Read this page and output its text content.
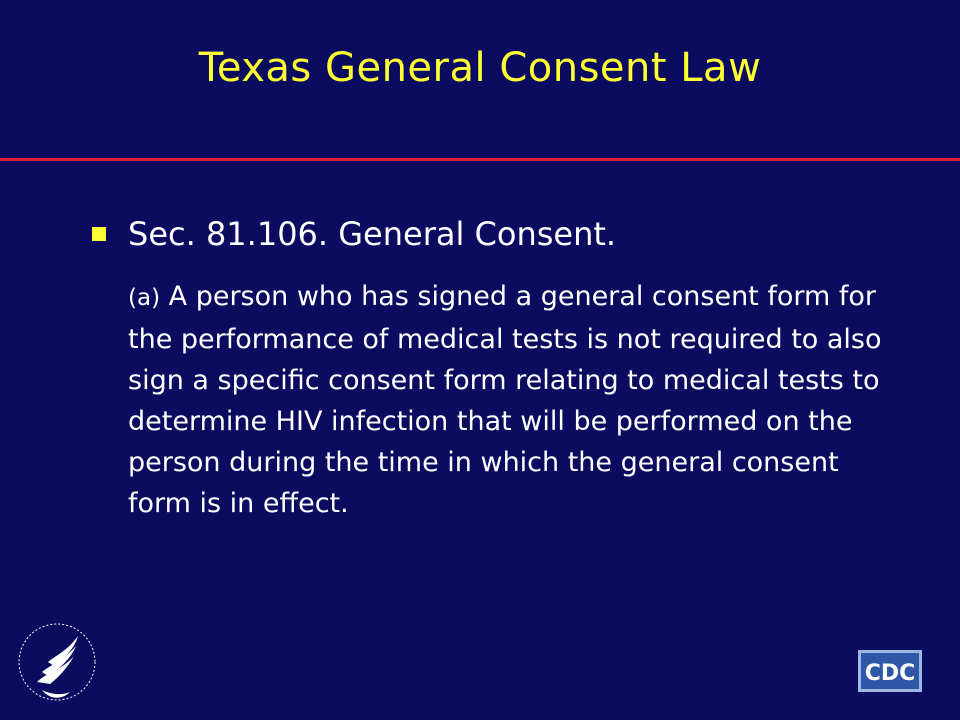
Texas General Consent Law
Sec. 81.106. General Consent.
(a) A person who has signed a general consent form for the performance of medical tests is not required to also sign a specific consent form relating to medical tests to determine HIV infection that will be performed on the person during the time in which the general consent form is in effect.
CDC
